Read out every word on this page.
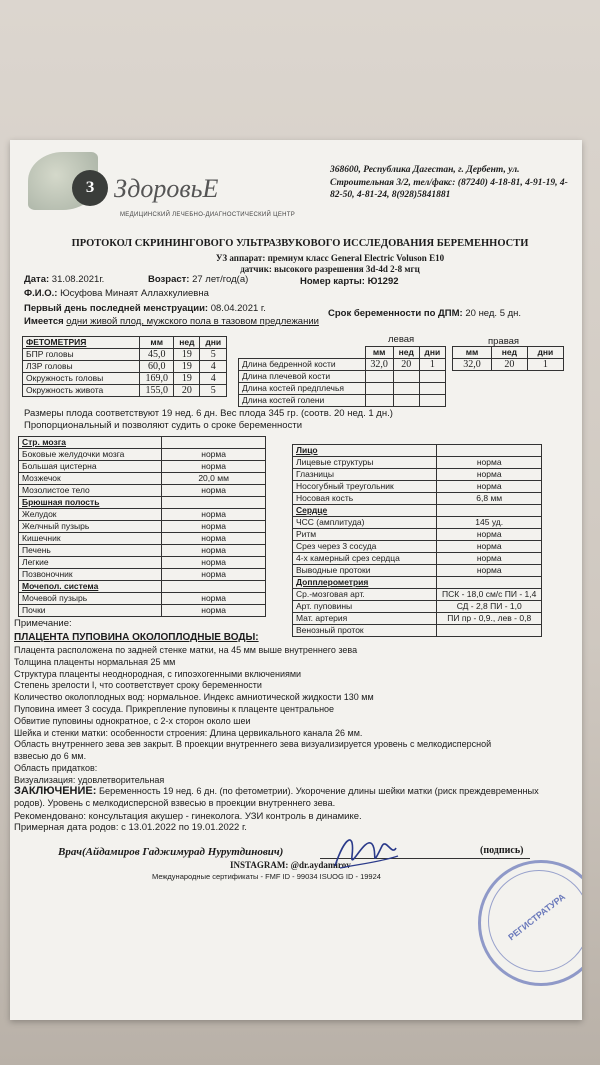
З ЗдоровьЕ
МЕДИЦИНСКИЙ ЛЕЧЕБНО-ДИАГНОСТИЧЕСКИЙ ЦЕНТР
368600, Республика Дагестан, г. Дербент, ул. Строительная 3/2, тел/факс: (87240) 4-18-81, 4-91-19, 4-82-50, 4-81-24, 8(928)5841881
ПРОТОКОЛ СКРИНИНГОВОГО УЛЬТРАЗВУКОВОГО ИССЛЕДОВАНИЯ БЕРЕМЕННОСТИ
УЗ аппарат: премиум класс General Electric Voluson E10
датчик: высокого разрешения 3d-4d 2-8 мгц
Дата: 31.08.2021г.	Возраст: 27 лет/год(а)	Номер карты: Ю1292
Ф.И.О.: Юсуфова Минаят Аллахкулиевна
Первый день последней менструации: 08.04.2021 г.	Срок беременности по ДПМ: 20 нед. 5 дн.
Имеется одни живой плод, мужского пола в тазовом предлежании
ФЕТОМЕТРИЯ	мм	нед	дни
БПР головы	45,0	19	5
ЛЗР головы	60,0	19	4
Окружность головы	169,0	19	4
Окружность живота	155,0	20	5
левая	правая
	мм	нед	дни
Длина бедренной кости	32,0	20	1
Длина плечевой кости			
Длина костей предплечья			
Длина костей голени			
мм	нед	дни
32,0	20	1
Размеры плода соответствуют 19 нед. 6 дн. Вес плода 345 гр. (соотв. 20 нед. 1 дн.)
Пропорциональный и позволяют судить о сроке беременности
Стр. мозга	
Боковые желудочки мозга	норма
Большая цистерна	норма
Мозжечок	20,0 мм
Мозолистое тело	норма
Брюшная полость	
Желудок	норма
Желчный пузырь	норма
Кишечник	норма
Печень	норма
Легкие	норма
Позвоночник	норма
Мочепол. система	
Мочевой пузырь	норма
Почки	норма
Лицо	
Лицевые структуры	норма
Глазницы	норма
Носогубный треугольник	норма
Носовая кость	6,8 мм
Сердце	
ЧСС (амплитуда)	145 уд.
Ритм	норма
Срез через 3 сосуда	норма
4-х камерный срез сердца	норма
Выводные протоки	норма
Допплерометрия	
Ср.-мозговая арт.	ПСК - 18,0 см/с ПИ - 1,4
Арт. пуповины	СД - 2,8 ПИ - 1,0
Мат. артерия	ПИ пр - 0,9., лев - 0,8
Венозный проток	
Примечание:
ПЛАЦЕНТА ПУПОВИНА ОКОЛОПЛОДНЫЕ ВОДЫ:
Плацента расположена по задней стенке матки, на 45 мм выше внутреннего зева
Толщина плаценты нормальная 25 мм
Структура плаценты неоднородная, с гипоэхогенными включениями
Степень зрелости I, что соответствует сроку беременности
Количество околоплодных вод: нормальное. Индекс амниотической жидкости 130 мм
Пуповина имеет 3 сосуда. Прикрепление пуповины к плаценте центральное
Обвитие пуповины однократное, с 2-х сторон около шеи
Шейка и стенки матки: особенности строения: Длина цервикального канала 26 мм.
Область внутреннего зева зев закрыт. В проекции внутреннего зева визуализируется уровень с мелкодисперсной
взвесью до 6 мм.
Область придатков:
Визуализация: удовлетворительная
ЗАКЛЮЧЕНИЕ: Беременность 19 нед. 6 дн. (по фетометрии). Укорочение длины шейки матки (риск преждевременных родов). Уровень с мелкодисперсной взвесью в проекции внутреннего зева.
Рекомендовано: консультация акушер - гинеколога. УЗИ контроль в динамике.
Примерная дата родов: с 13.01.2022 по 19.01.2022 г.
Врач(Айдамиров Гаджимурад Нурутдинович)	(подпись)
INSTAGRAM: @dr.aydamirov
Международные сертификаты - FMF ID - 99034 ISUOG ID - 19924
РЕГИСТРАТУРА
